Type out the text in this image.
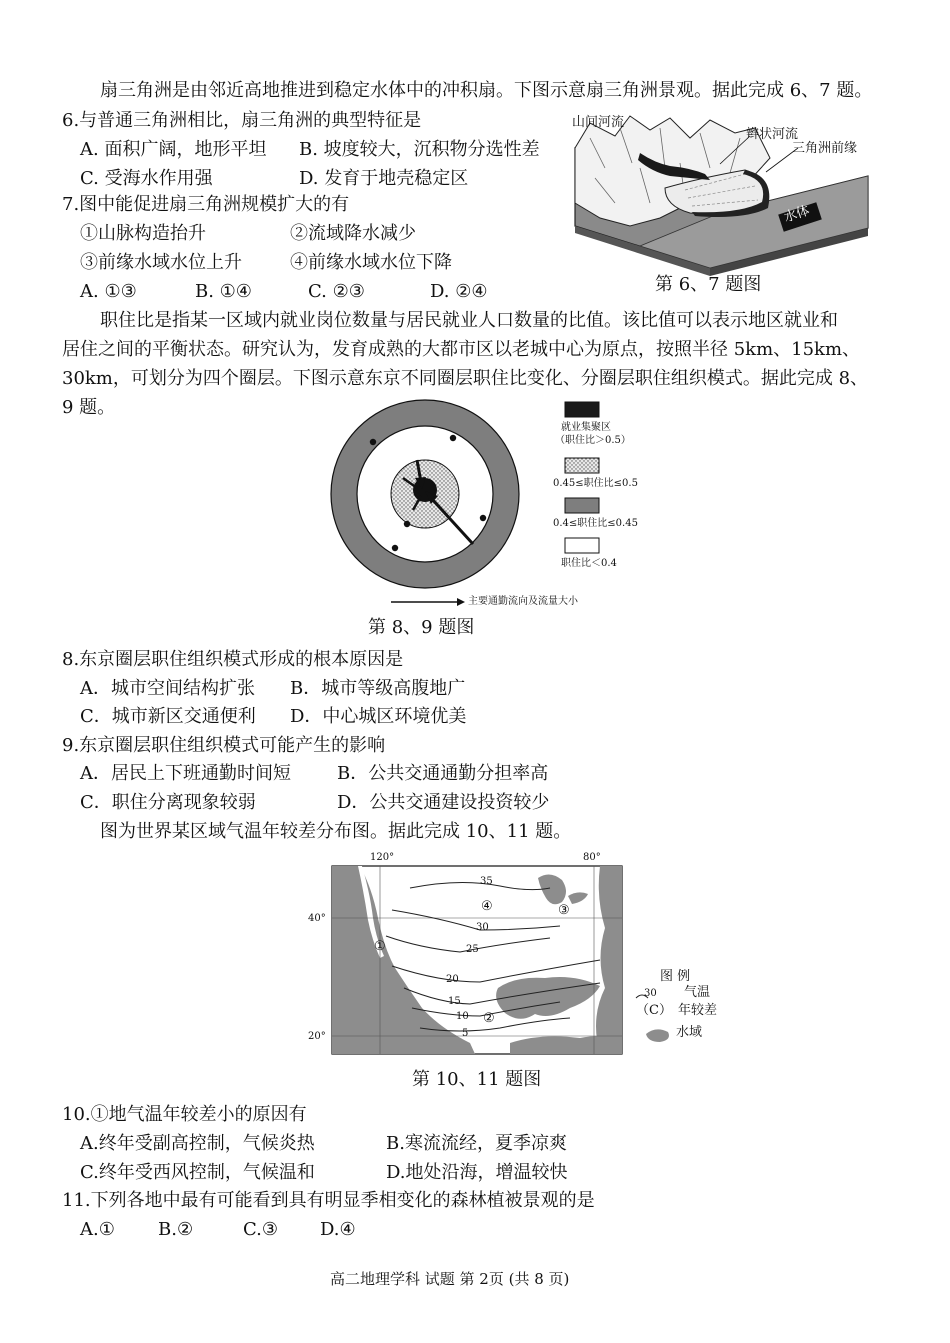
扇三角洲是由邻近高地推进到稳定水体中的冲积扇。下图示意扇三角洲景观。据此完成 6、7 题。
6.与普通三角洲相比，扇三角洲的典型特征是
A. 面积广阔，地形平坦 B. 坡度较大，沉积物分选性差
C. 受海水作用强	D. 发育于地壳稳定区
7.图中能促进扇三角洲规模扩大的有
①山脉构造抬升	②流域降水减少
③前缘水域水位上升	④前缘水域水位下降
A. ①③	B. ①④	C. ②③	D. ②④
山间河流
辫状河流
三角洲前缘
水体
第 6、7 题图
职住比是指某一区域内就业岗位数量与居民就业人口数量的比值。该比值可以表示地区就业和
居住之间的平衡状态。研究认为，发育成熟的大都市区以老城中心为原点，按照半径 5km、15km、
30km，可划分为四个圈层。下图示意东京不同圈层职住比变化、分圈层职住组织模式。据此完成 8、
9 题。
就业集聚区
（职住比＞0.5）
0.45≤职住比≤0.5
0.4≤职住比≤0.45
职住比＜0.4
主要通勤流向及流量大小
第 8、9 题图
8.东京圈层职住组织模式形成的根本原因是
A．城市空间结构扩张 B．城市等级高腹地广
C．城市新区交通便利 D．中心城区环境优美
9.东京圈层职住组织模式可能产生的影响
A．居民上下班通勤时间短	B．公共交通通勤分担率高
C．职住分离现象较弱	D．公共交通建设投资较少
图为世界某区域气温年较差分布图。据此完成 10、11 题。
120°	80°
40°
20°
35
30
25
20
15
10
5
①
②
③
④
图 例
30 气温
（C） 年较差
水域
第 10、11 题图
10.①地气温年较差小的原因有
A.终年受副高控制，气候炎热	B.寒流流经，夏季凉爽
C.终年受西风控制，气候温和	D.地处沿海，增温较快
11.下列各地中最有可能看到具有明显季相变化的森林植被景观的是
A.① B.②	C.③ D.④
高二地理学科 试题 第 2页 (共 8 页)
